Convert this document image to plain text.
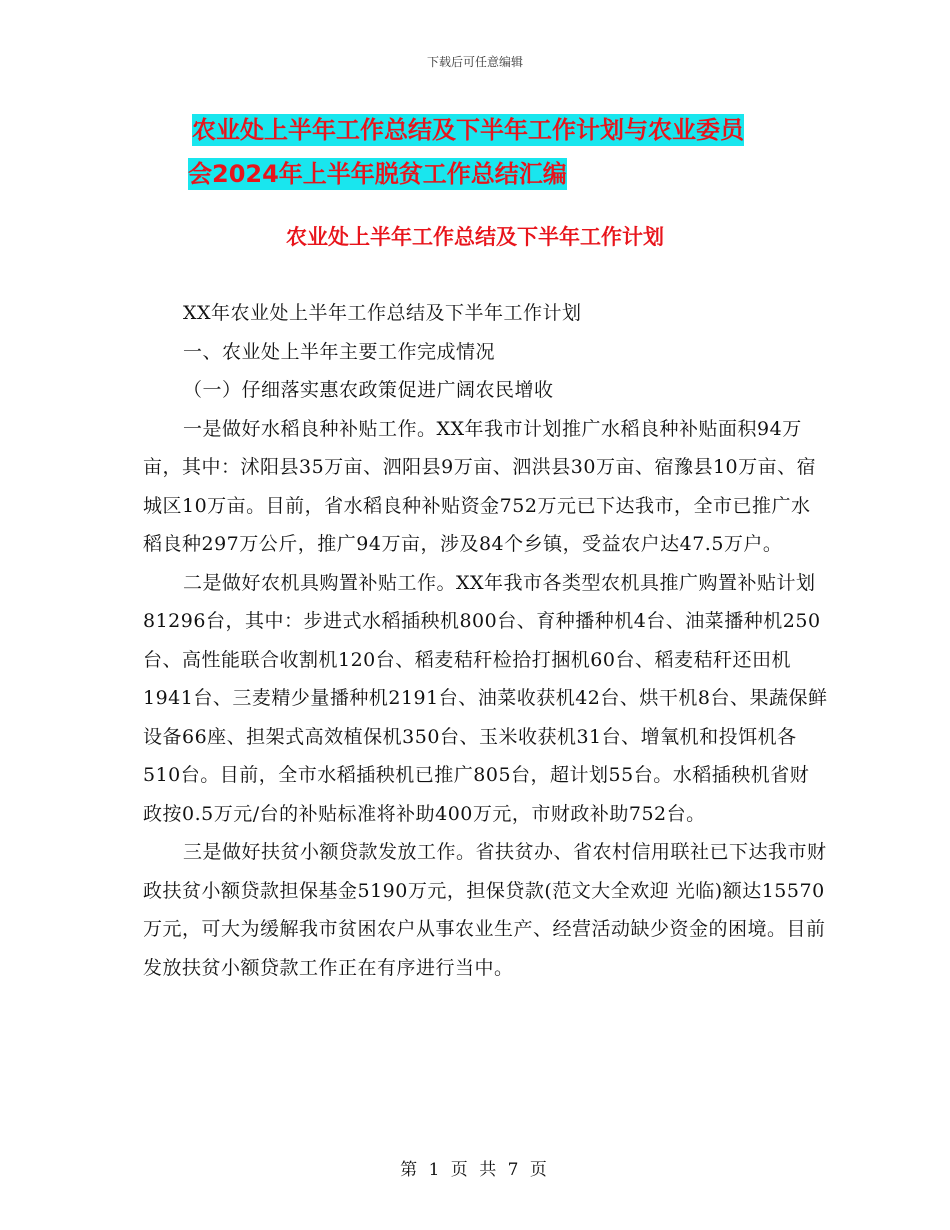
下载后可任意编辑
农业处上半年工作总结及下半年工作计划与农业委员
会2024年上半年脱贫工作总结汇编
农业处上半年工作总结及下半年工作计划

XX年农业处上半年工作总结及下半年工作计划

一、农业处上半年主要工作完成情况

（一）仔细落实惠农政策促进广阔农民增收

一是做好水稻良种补贴工作。XX年我市计划推广水稻良种补贴面积94万亩，其中：沭阳县35万亩、泗阳县9万亩、泗洪县30万亩、宿豫县10万亩、宿城区10万亩。目前，省水稻良种补贴资金752万元已下达我市，全市已推广水稻良种297万公斤，推广94万亩，涉及84个乡镇，受益农户达47.5万户。

二是做好农机具购置补贴工作。XX年我市各类型农机具推广购置补贴计划81296台，其中：步进式水稻插秧机800台、育种播种机4台、油菜播种机250台、高性能联合收割机120台、稻麦秸秆检拾打捆机60台、稻麦秸秆还田机1941台、三麦精少量播种机2191台、油菜收获机42台、烘干机8台、果蔬保鲜设备66座、担架式高效植保机350台、玉米收获机31台、增氧机和投饵机各510台。目前，全市水稻插秧机已推广805台，超计划55台。水稻插秧机省财政按0.5万元/台的补贴标准将补助400万元，市财政补助752台。

三是做好扶贫小额贷款发放工作。省扶贫办、省农村信用联社已下达我市财政扶贫小额贷款担保基金5190万元，担保贷款(范文大全欢迎 光临)额达15570万元，可大为缓解我市贫困农户从事农业生产、经营活动缺少资金的困境。目前发放扶贫小额贷款工作正在有序进行当中。

第 1 页 共 7 页
